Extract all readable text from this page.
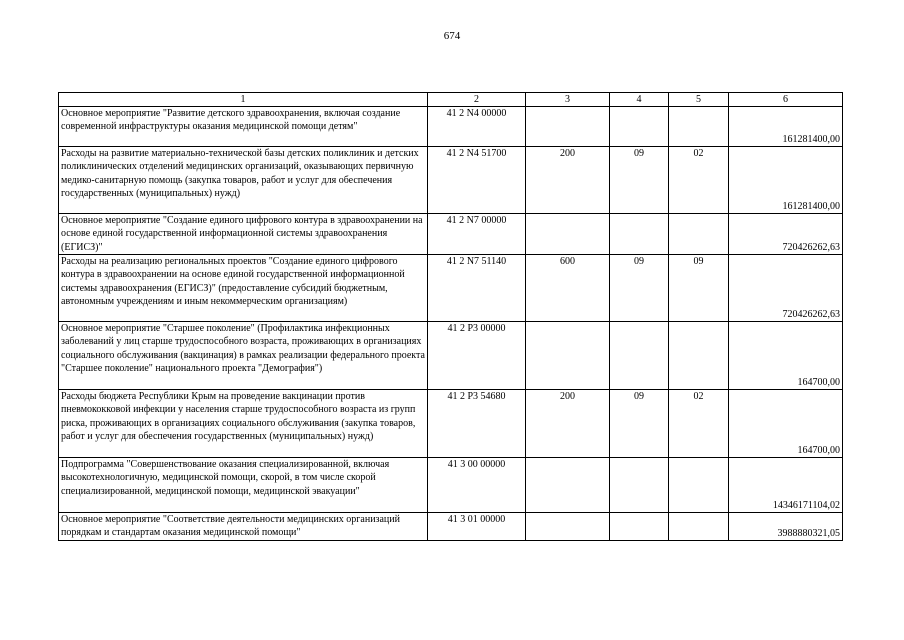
674
1	2	3	4	5	6
Основное мероприятие "Развитие детского здравоохранения, включая создание современной инфраструктуры оказания медицинской помощи детям"	41 2 N4 00000				161281400,00
Расходы на развитие материально-технической базы детских поликлиник и детских поликлинических отделений медицинских организаций, оказывающих первичную медико-санитарную помощь (закупка товаров, работ и услуг для обеспечения государственных (муниципальных) нужд)	41 2 N4 51700	200	09	02	161281400,00
Основное мероприятие "Создание единого цифрового контура в здравоохранении на основе единой государственной информационной системы здравоохранения (ЕГИСЗ)"	41 2 N7 00000				720426262,63
Расходы на реализацию региональных проектов "Создание единого цифрового контура в здравоохранении на основе единой государственной информационной системы здравоохранения (ЕГИСЗ)" (предоставление субсидий бюджетным, автономным учреждениям и иным некоммерческим организациям)	41 2 N7 51140	600	09	09	720426262,63
Основное мероприятие "Старшее поколение" (Профилактика инфекционных заболеваний у лиц старше трудоспособного возраста, проживающих в организациях социального обслуживания (вакцинация) в рамках реализации федерального проекта "Старшее поколение" национального проекта "Демография")	41 2 P3 00000				164700,00
Расходы бюджета Республики Крым на проведение вакцинации против пневмококковой инфекции у населения старше трудоспособного возраста из групп риска, проживающих в организациях социального обслуживания (закупка товаров, работ и услуг для обеспечения государственных (муниципальных) нужд)	41 2 P3 54680	200	09	02	164700,00
Подпрограмма "Совершенствование оказания специализированной, включая высокотехнологичную, медицинской помощи, скорой, в том числе скорой специализированной, медицинской помощи, медицинской эвакуации"	41 3 00 00000				14346171104,02
Основное мероприятие "Соответствие деятельности медицинских организаций порядкам и стандартам оказания медицинской помощи"	41 3 01 00000				3988880321,05
